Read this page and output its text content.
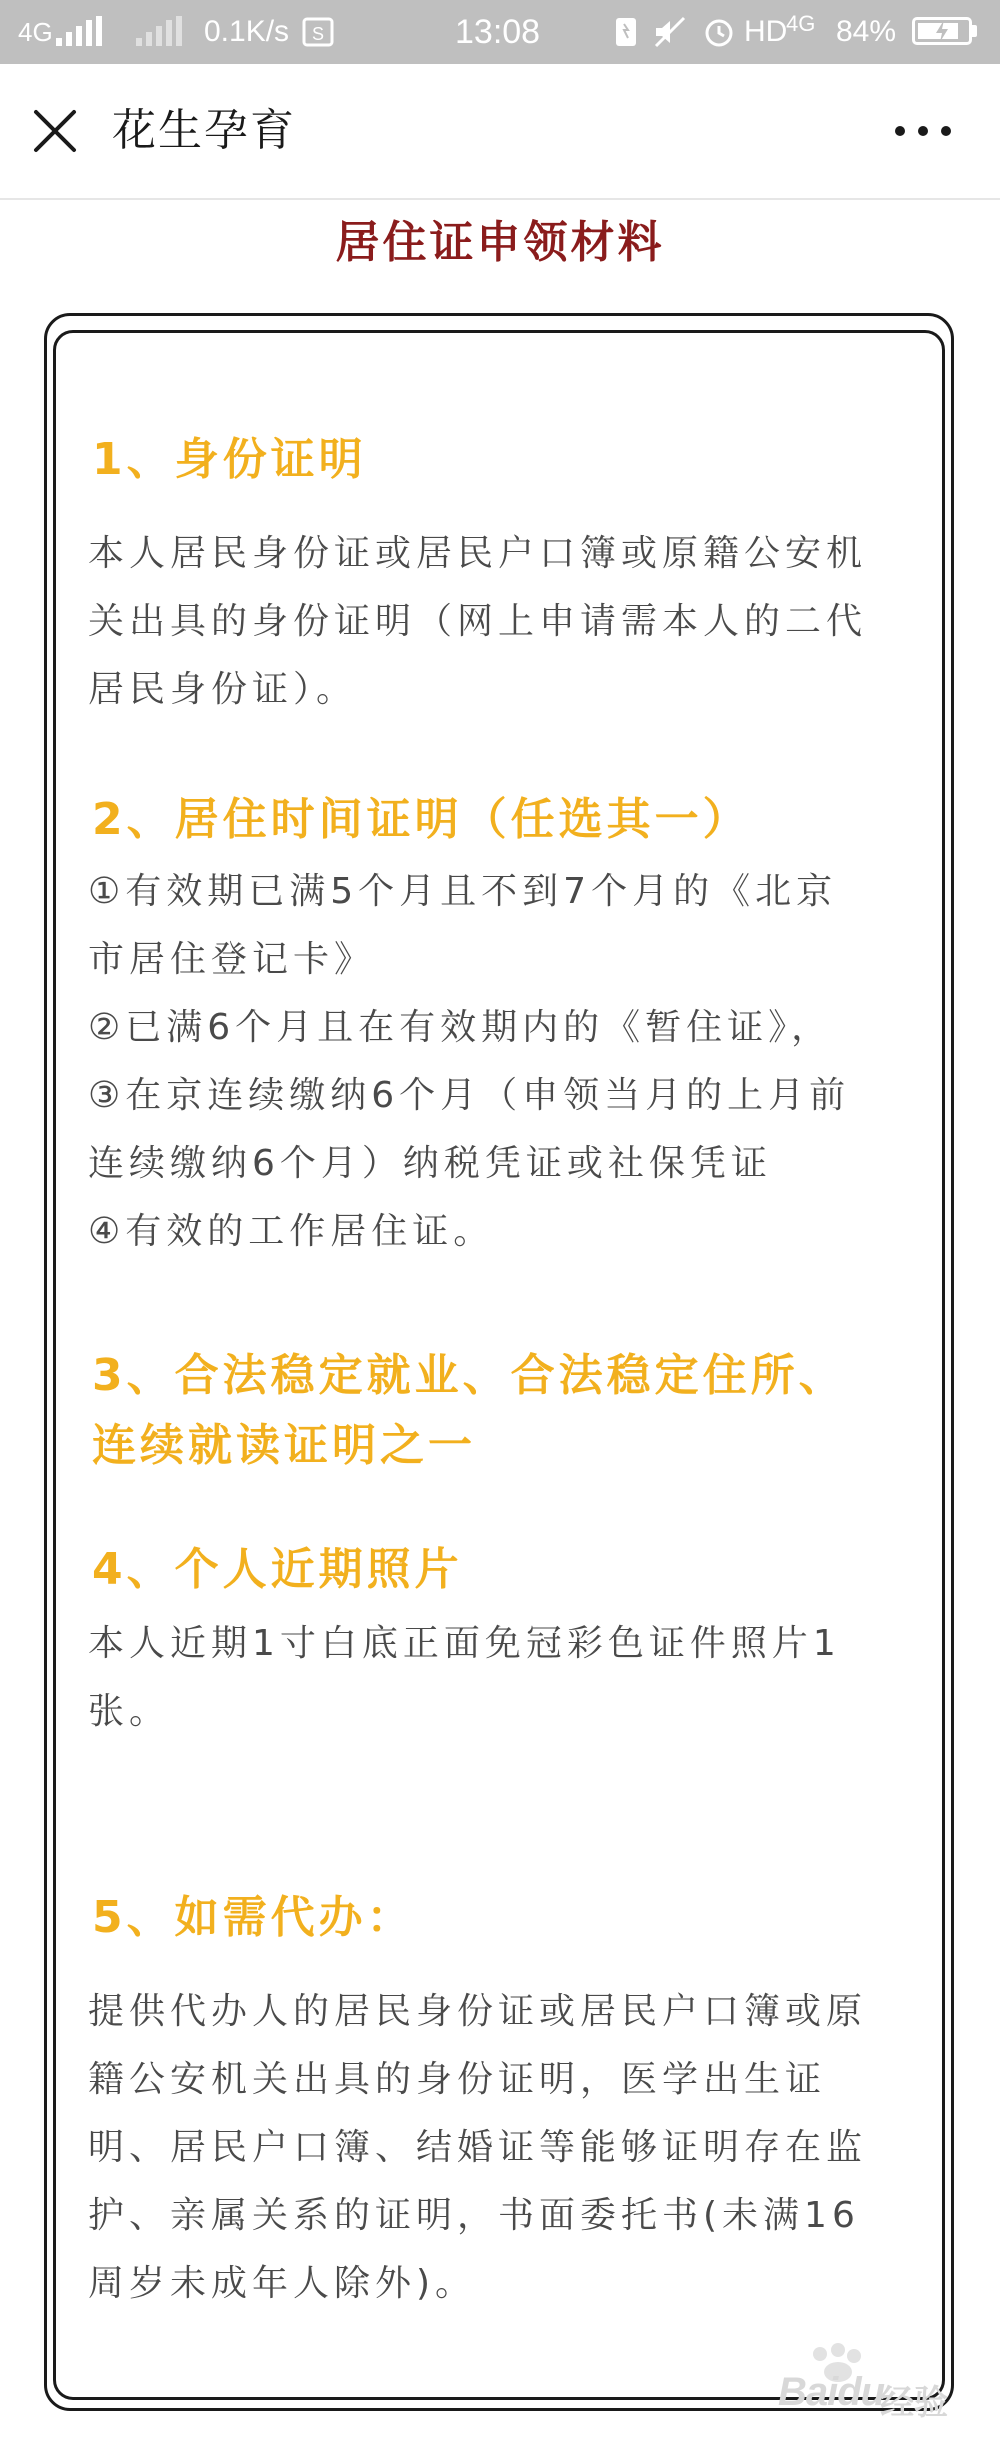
4G	0.1K/s S	13:08	HD
4G 84%
花生孕育
居住证申领材料
1、身份证明
本人居民身份证或居民户口簿或原籍公安机
关出具的身份证明（网上申请需本人的二代
居民身份证）。
2、居住时间证明（任选其一）
①有效期已满5个月且不到7个月的《北京
市居住登记卡》
②已满6个月且在有效期内的《暂住证》，
③在京连续缴纳6个月（申领当月的上月前
连续缴纳6个月）纳税凭证或社保凭证
④有效的工作居住证。
3、合法稳定就业、合法稳定住所、
连续就读证明之一
4、个人近期照片
本人近期1寸白底正面免冠彩色证件照片1
张。
5、如需代办：
提供代办人的居民身份证或居民户口簿或原
籍公安机关出具的身份证明，医学出生证
明、居民户口簿、结婚证等能够证明存在监
护、亲属关系的证明，书面委托书(未满16
周岁未成年人除外)。
Baidu
经验
